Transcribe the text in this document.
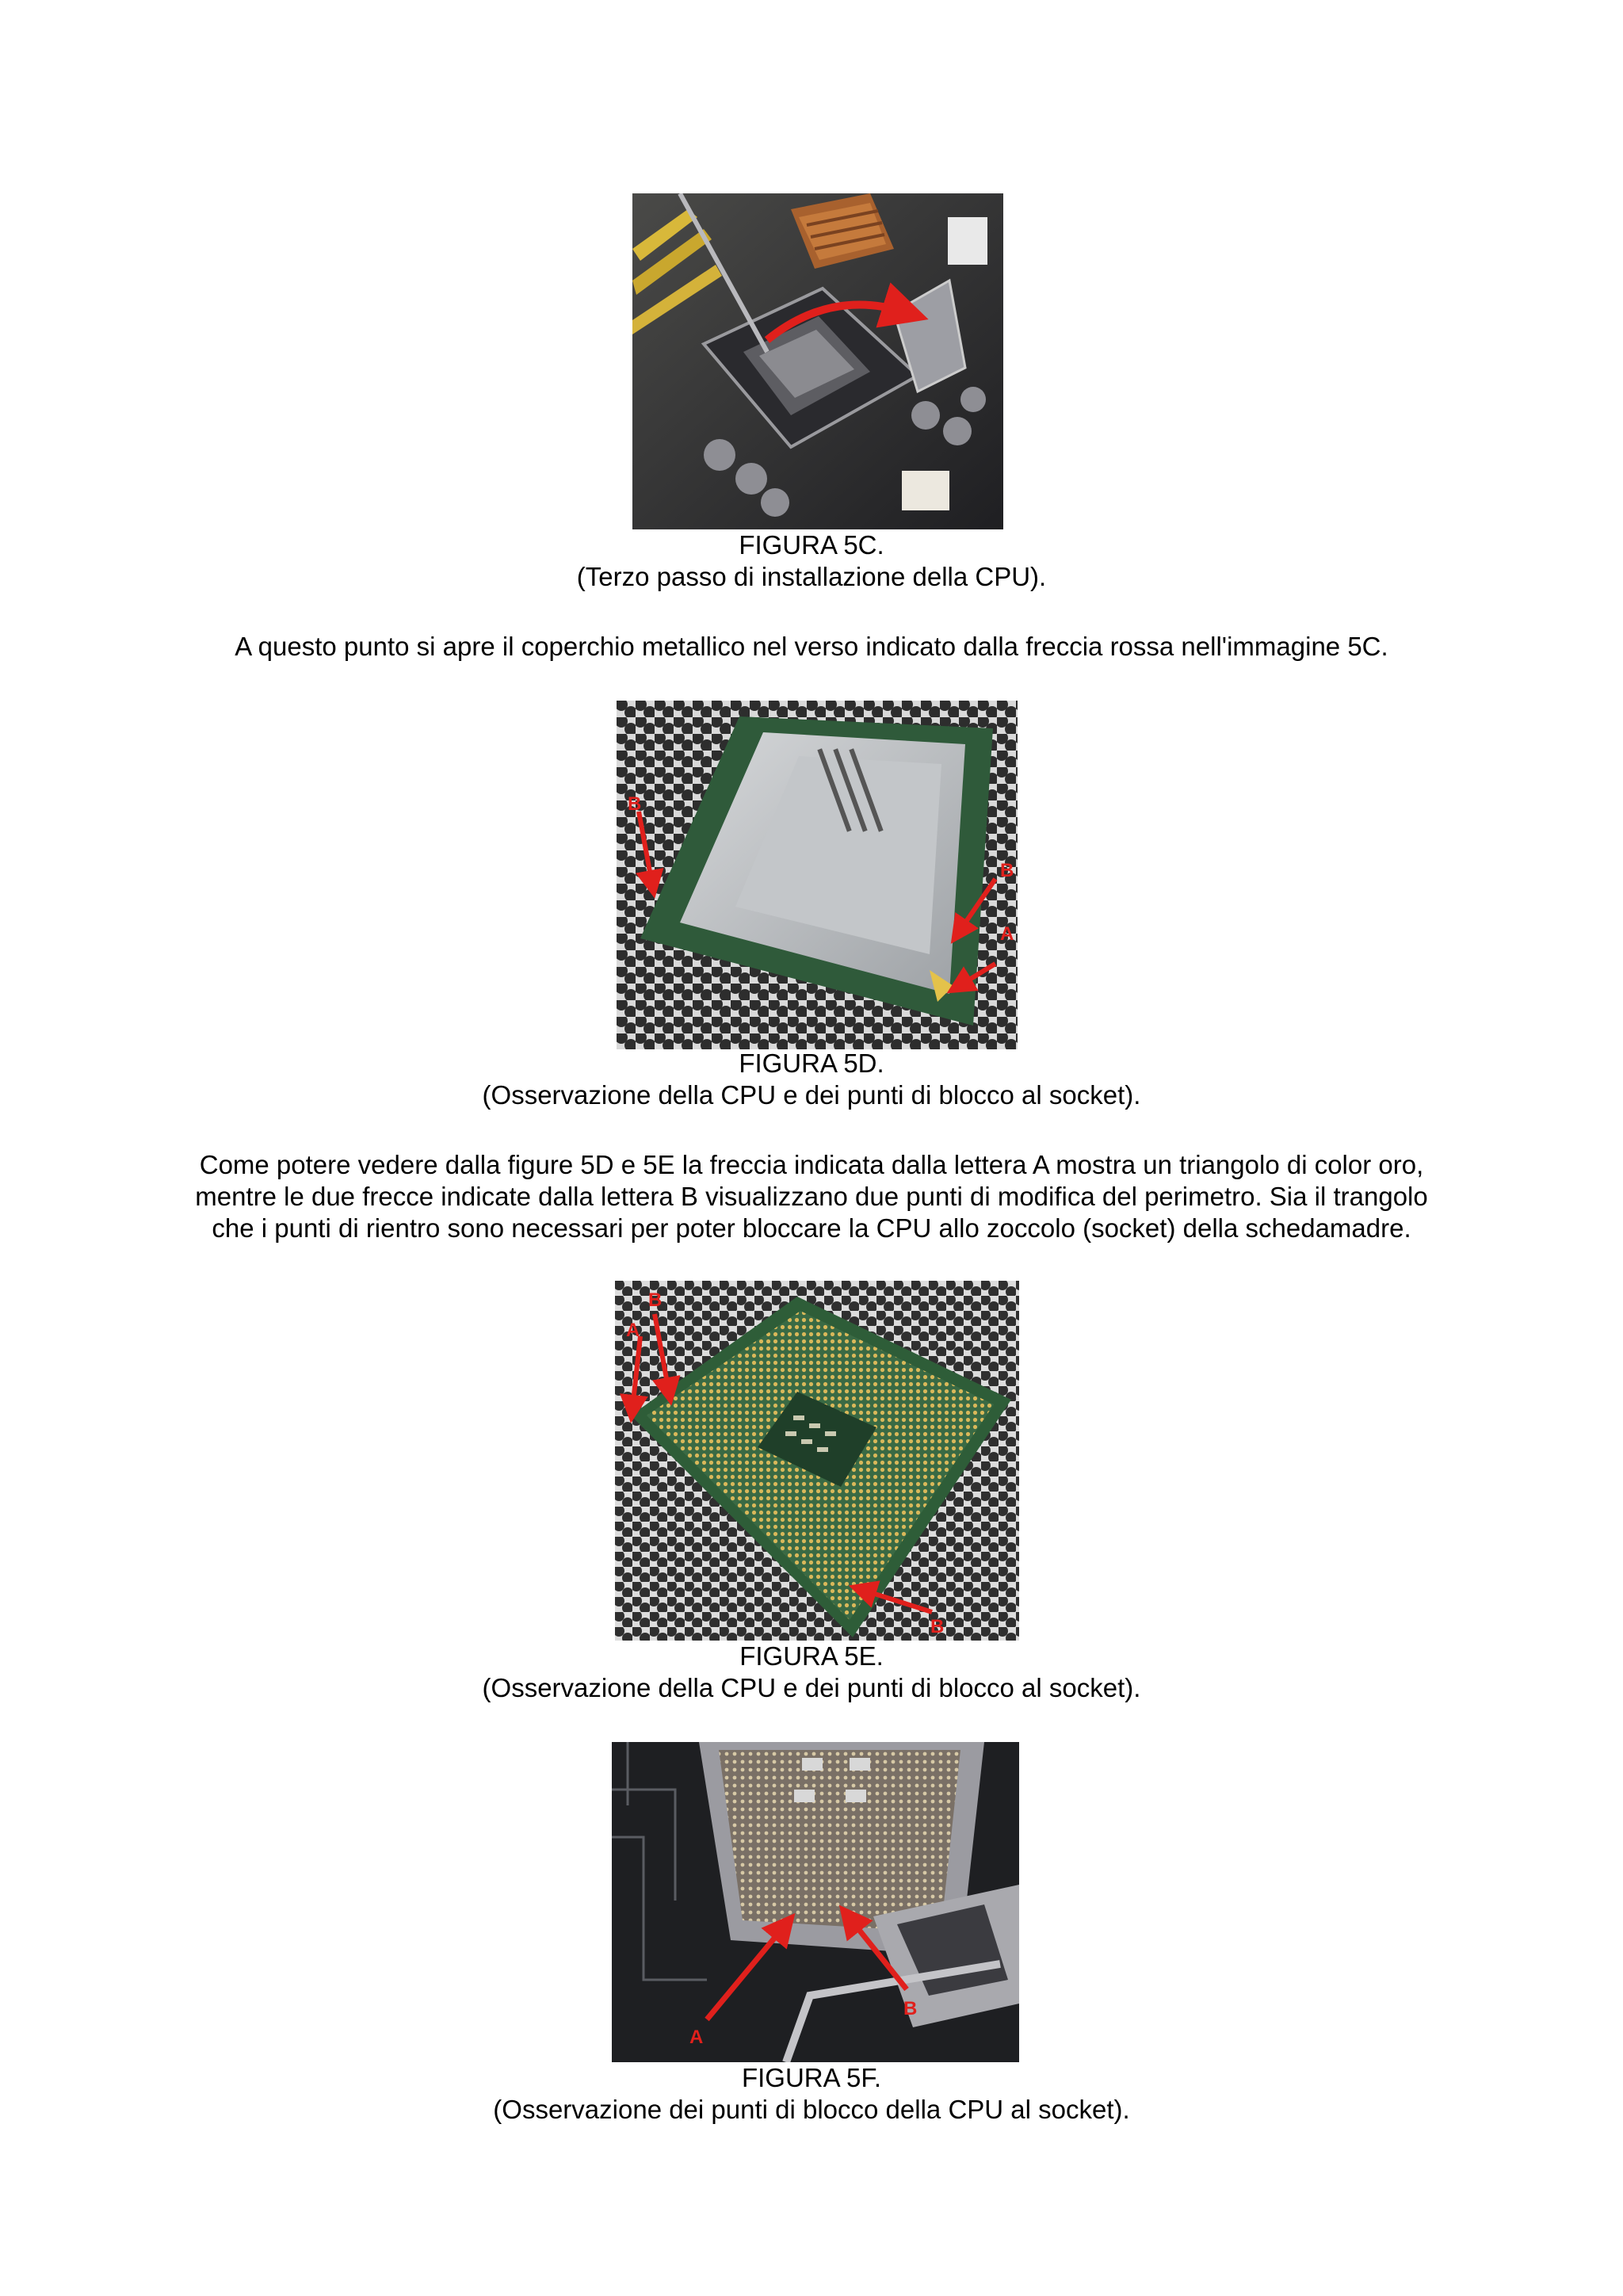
FIGURA 5C.
(Terzo passo di installazione della CPU).
A questo punto si apre il coperchio metallico nel verso indicato dalla freccia rossa nell'immagine 5C.
B
B
A
FIGURA 5D.
(Osservazione della CPU e dei punti di blocco al socket).
Come potere vedere dalla figure 5D e 5E la freccia indicata dalla lettera A mostra un triangolo di color oro,
mentre le due frecce indicate dalla lettera B visualizzano due punti di modifica del perimetro. Sia il trangolo
che i punti di rientro sono necessari per poter bloccare la CPU allo zoccolo (socket) della schedamadre.
A
B
B
FIGURA 5E.
(Osservazione della CPU e dei punti di blocco al socket).
A
B
FIGURA 5F.
(Osservazione dei punti di blocco della CPU al socket).
